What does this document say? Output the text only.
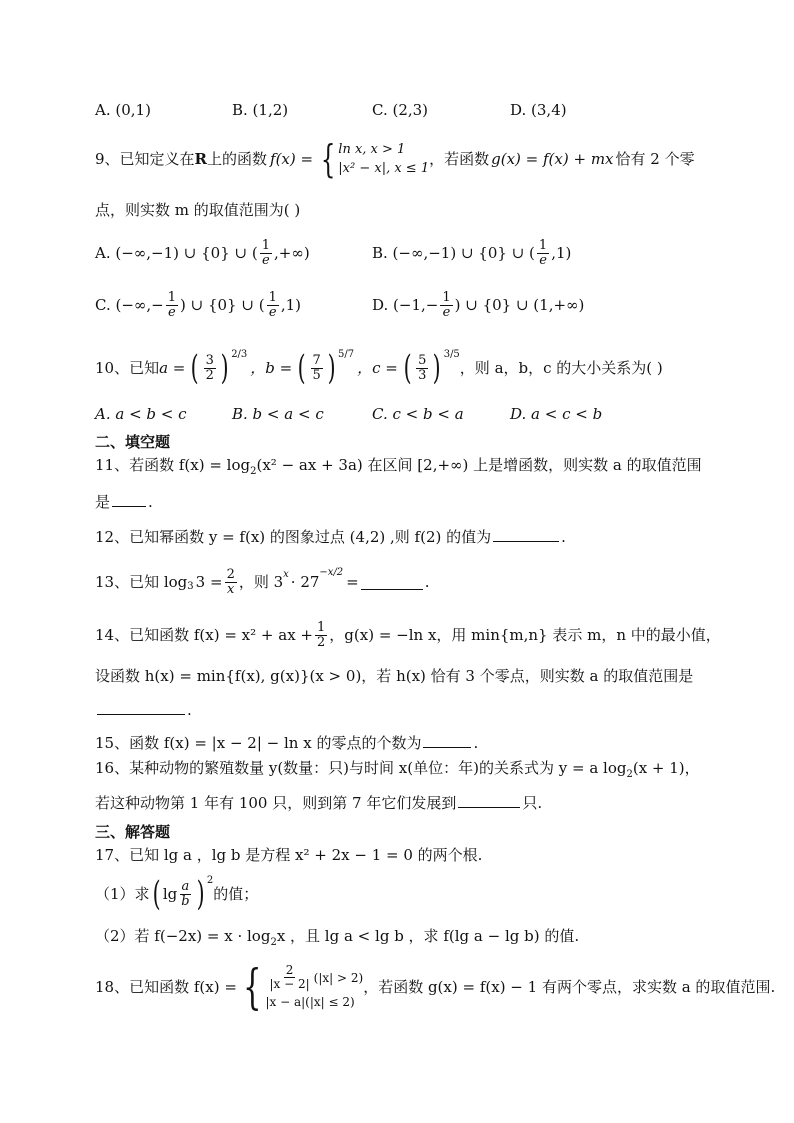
A. (0,1)	B. (1,2)	C. (2,3)	D. (3,4)
9、已知定义在 R 上的函数 f(x) = { ln x, x > 1
|x² − x|, x ≤ 1
，若函数 g(x) = f(x) + mx 恰有 2 个零
点，则实数 m 的取值范围为( )
A. (−∞,−1) ∪ {0} ∪ ( $\frac{1}{e}$ ,+∞)	B. (−∞,−1) ∪ {0} ∪ ( $\frac{1}{e} ,1$)
C. (−∞,− $\frac{1}{e}$ ) ∪ {0} ∪ ( $\frac{1}{e} ,1$)	D. ($-1,- \frac{1}{e}$ ) ∪ {0} ∪ (1,+∞)
10、已知 a = ( $\frac{3}{2}$ ) 2/3
，b = ( $\frac{7}{5}$ ) 5/7
，c = ( $\frac{5}{3}$ ) 3/5
，则 a，b，c 的大小关系为( )
A. a < b < c	B. b < a < c	C. c < b < a	D. a < c < b
二、填空题
11、若函数 $f(x) = \log_2(x^2$ − ax + 3a) 在区间 [2,+∞) 上是增函数，则实数 a 的取值范围
是	.
12、已知幂函数 y = f(x) 的图象过点 (4,2) ,则 f(2) 的值为	.
13、已知 log 3 $3 = \frac{2}{x}$ ，则 3 x · 27
−x/2
=	.
14、已知函数 f(x) = x² + ax + $\frac{1}{2}$ ，g(x) = −ln x，用 min{m,n} 表示 m，n 中的最小值，
设函数 h(x) = min{f(x), g(x)}(x > 0)，若 h(x) 恰有 3 个零点，则实数 a 的取值范围是
.
15、函数 f(x) = |x − 2| − ln x 的零点的个数为	.
16、某种动物的繁殖数量 y(数量：只)与时间 x(单位：年)的关系式为 y = a $\log_2(x + 1)$，
若这种动物第 1 年有 100 只，则到第 7 年它们发展到	只.
三、解答题
17、已知 lg a ，lg b 是方程 x² + 2x − 1 = 0 的两个根.
（1）求 ( $\lg \frac{a}{b}$ ) 2
的值；
（2）若 $f(-2x) = x \cdot \log_2x$ ，且 lg a < lg b ，求 f(lg a − lg b) 的值.
18、已知函数 f(x) = { $\frac{2}{|x - 2|} (|x| > 2)$
|x − a|(|x| ≤ 2)
，若函数 g(x) = f(x) − 1 有两个零点，求实数 a 的取值范围.
